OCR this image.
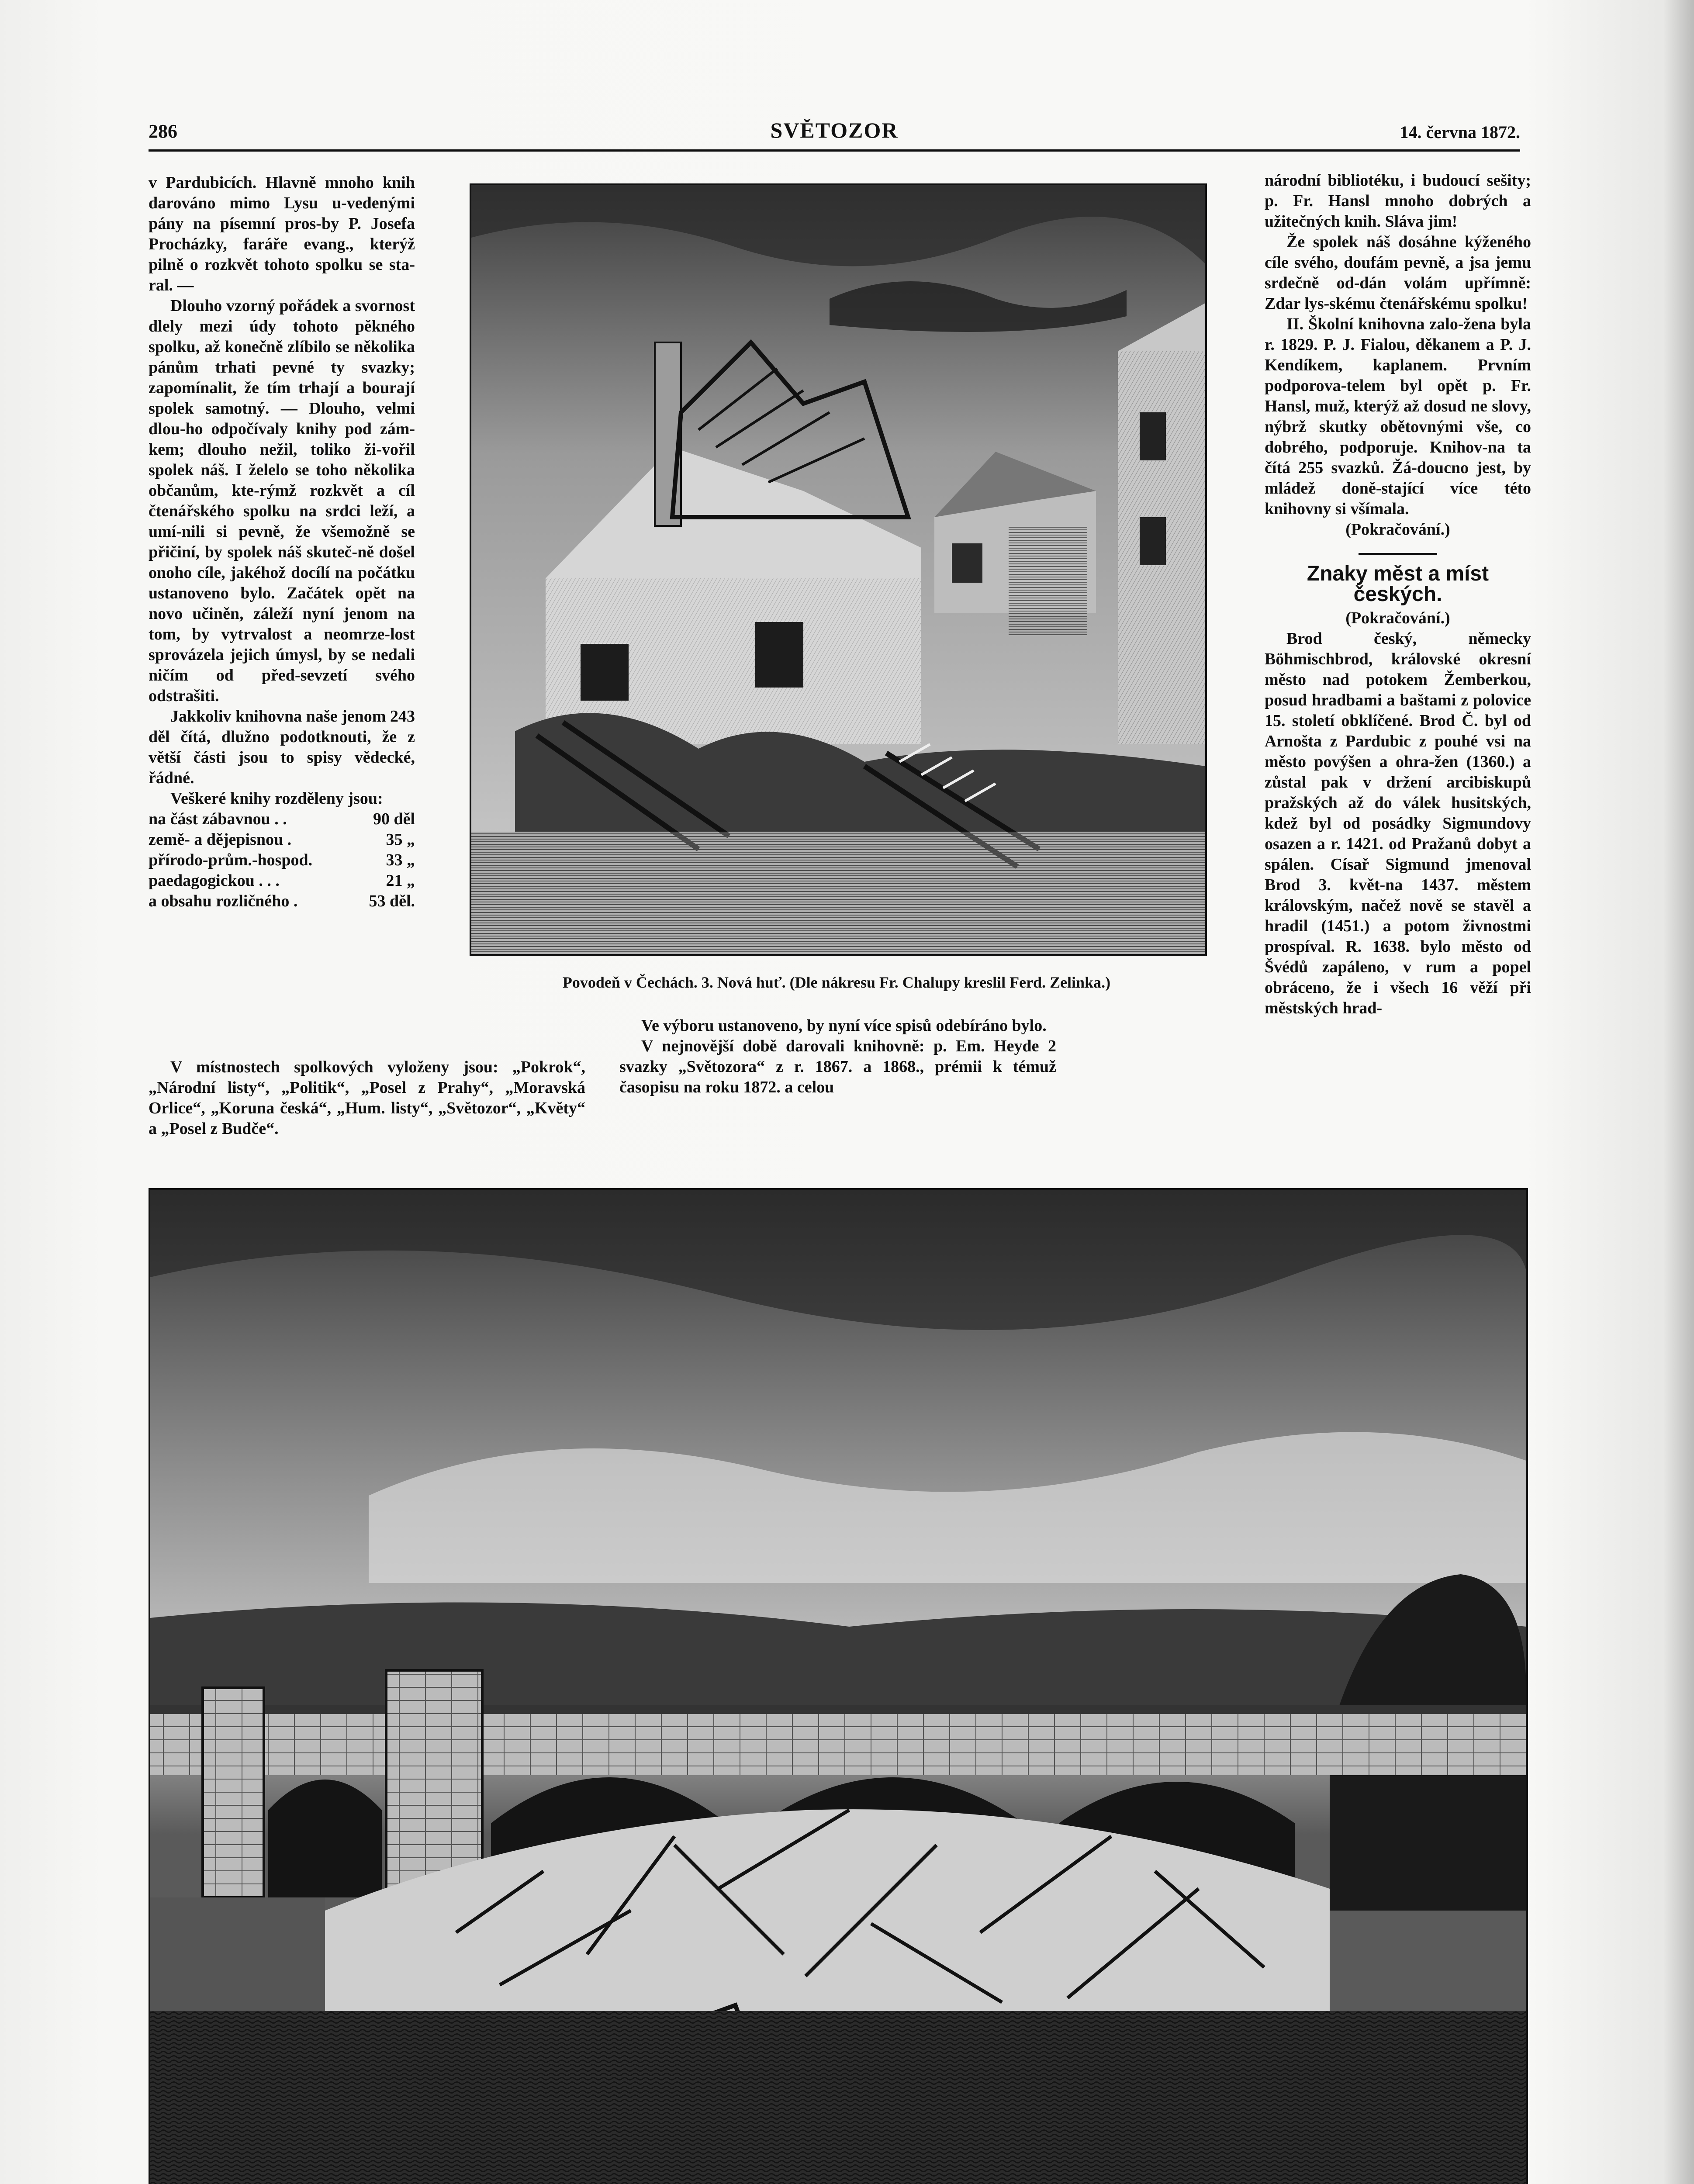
286	SVĚTOZOR	14. června 1872.

v Pardubicích. Hlavně mnoho knih darováno mimo Lysu u-vedenými pány na písemní pros-by P. Josefa Procházky, faráře evang., kterýž pilně o rozkvět tohoto spolku se sta-ral. —

Dlouho vzorný pořádek a svornost dlely mezi údy tohoto pěkného spolku, až konečně zlíbilo se několika pánům trhati pevné ty svazky; zapomínalit, že tím trhají a bourají spolek samotný. — Dlouho, velmi dlou-ho odpočívaly knihy pod zám-kem; dlouho nežil, toliko ži-vořil spolek náš. I želelo se toho několika občanům, kte-rýmž rozkvět a cíl čtenářského spolku na srdci leží, a umí-nili si pevně, že všemožně se přičiní, by spolek náš skuteč-ně došel onoho cíle, jakéhož docílí na počátku ustanoveno bylo. Začátek opět na novo učiněn, záleží nyní jenom na tom, by vytrvalost a neomrze-lost sprovázela jejich úmysl, by se nedali ničím od před-sevzetí svého odstrašiti.

Jakkoliv knihovna naše jenom 243 děl čítá, dlužno podotknouti, že z větší části jsou to spisy vědecké, řádné.

Veškeré knihy rozděleny jsou:

na část zábavnou . .	90 děl
země- a dějepisnou .	35 „
přírodo-prům.-hospod.	33 „
paedagogickou . . .	21 „
a obsahu rozličného .	53 děl.

V místnostech spolkových vyloženy jsou: „Pokrok“, „Národní listy“, „Politik“, „Posel z Prahy“, „Moravská Orlice“, „Koruna česká“, „Hum. listy“, „Světozor“, „Květy“ a „Posel z Budče“.

Povodeň v Čechách. 3. Nová huť. (Dle nákresu Fr. Chalupy kreslil Ferd. Zelinka.)

Ve výboru ustanoveno, by nyní více spisů odebíráno bylo.

V nejnovější době darovali knihovně: p. Em. Heyde 2 svazky „Světozora“ z r. 1867. a 1868., prémii k témuž časopisu na roku 1872. a celou

národní bibliotéku, i budoucí sešity; p. Fr. Hansl mnoho dobrých a užitečných knih. Sláva jim!

Že spolek náš dosáhne kýženého cíle svého, doufám pevně, a jsa jemu srdečně od-dán volám upřímně: Zdar lys-skému čtenářskému spolku!

II. Školní knihovna zalo-žena byla r. 1829. P. J. Fialou, děkanem a P. J. Kendíkem, kaplanem. Prvním podporova-telem byl opět p. Fr. Hansl, muž, kterýž až dosud ne slovy, nýbrž skutky obětovnými vše, co dobrého, podporuje. Knihov-na ta čítá 255 svazků. Žá-doucno jest, by mládež doně-stající více této knihovny si všímala.

(Pokračování.)

Znaky měst a míst českých.

(Pokračování.)

Brod český, německy Böhmischbrod, královské okresní město nad potokem Žemberkou, posud hradbami a baštami z polovice 15. století obklíčené. Brod Č. byl od Arnošta z Pardubic z pouhé vsi na město povýšen a ohra-žen (1360.) a zůstal pak v držení arcibiskupů pražských až do válek husitských, kdež byl od posádky Sigmundovy osazen a r. 1421. od Pražanů dobyt a spálen. Císař Sigmund jmenoval Brod 3. květ-na 1437. městem královským, načež nově se stavěl a hradil (1451.) a potom živnostmi prospíval. R. 1638. bylo město od Švédů zapáleno, v rum a popel obráceno, že i všech 16 věží při městských hrad-
